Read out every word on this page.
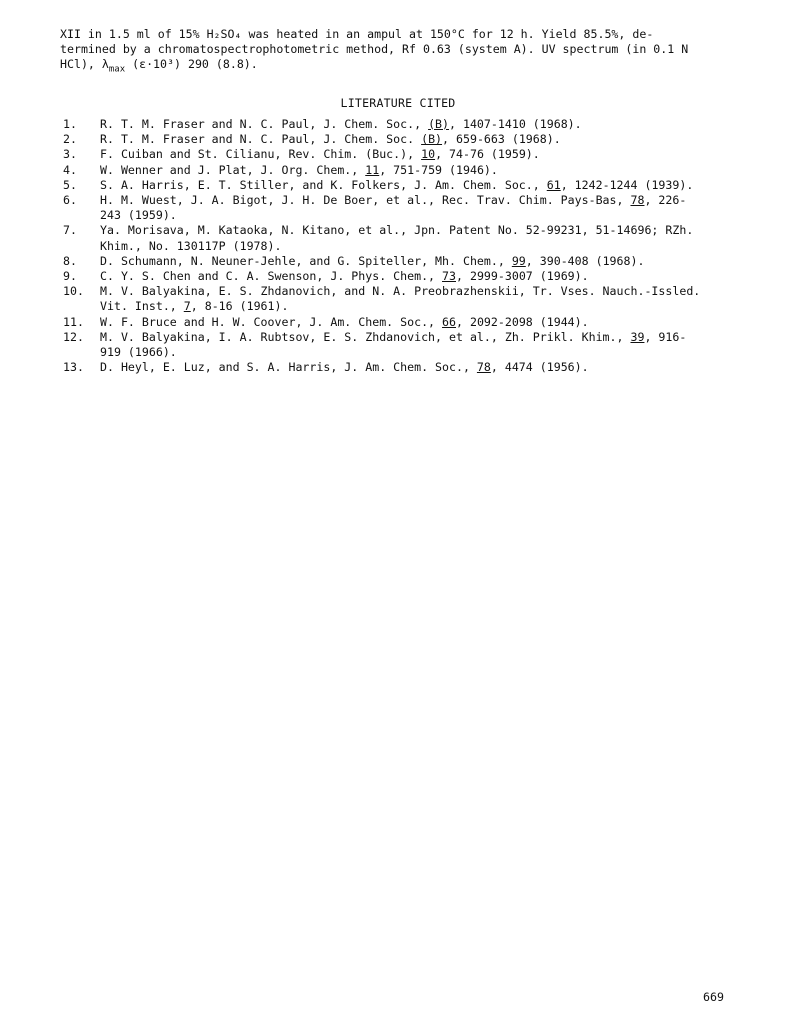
XII in 1.5 ml of 15% H₂SO₄ was heated in an ampul at 150°C for 12 h. Yield 85.5%, de-

termined by a chromatospectrophotometric method, Rf 0.63 (system A). UV spectrum (in 0.1 N

HCl), $\lambda_{max}$ (ε·10³) 290 (8.8).

LITERATURE CITED
1.	R. T. M. Fraser and N. C. Paul, J. Chem. Soc., (B), 1407-1410 (1968).
2.	R. T. M. Fraser and N. C. Paul, J. Chem. Soc. (B), 659-663 (1968).
3.	F. Cuiban and St. Cilianu, Rev. Chim. (Buc.), 10, 74-76 (1959).
4.	W. Wenner and J. Plat, J. Org. Chem., 11, 751-759 (1946).
5.	S. A. Harris, E. T. Stiller, and K. Folkers, J. Am. Chem. Soc., 61, 1242-1244 (1939).
6.	H. M. Wuest, J. A. Bigot, J. H. De Boer, et al., Rec. Trav. Chim. Pays-Bas, 78, 226-
243 (1959).
7.	Ya. Morisava, M. Kataoka, N. Kitano, et al., Jpn. Patent No. 52-99231, 51-14696; RZh.
Khim., No. 130117P (1978).
8.	D. Schumann, N. Neuner-Jehle, and G. Spiteller, Mh. Chem., 99, 390-408 (1968).
9.	C. Y. S. Chen and C. A. Swenson, J. Phys. Chem., 73, 2999-3007 (1969).
10.	M. V. Balyakina, E. S. Zhdanovich, and N. A. Preobrazhenskii, Tr. Vses. Nauch.-Issled.
Vit. Inst., 7, 8-16 (1961).
11.	W. F. Bruce and H. W. Coover, J. Am. Chem. Soc., 66, 2092-2098 (1944).
12.	M. V. Balyakina, I. A. Rubtsov, E. S. Zhdanovich, et al., Zh. Prikl. Khim., 39, 916-
919 (1966).
13.	D. Heyl, E. Luz, and S. A. Harris, J. Am. Chem. Soc., 78, 4474 (1956).
669
